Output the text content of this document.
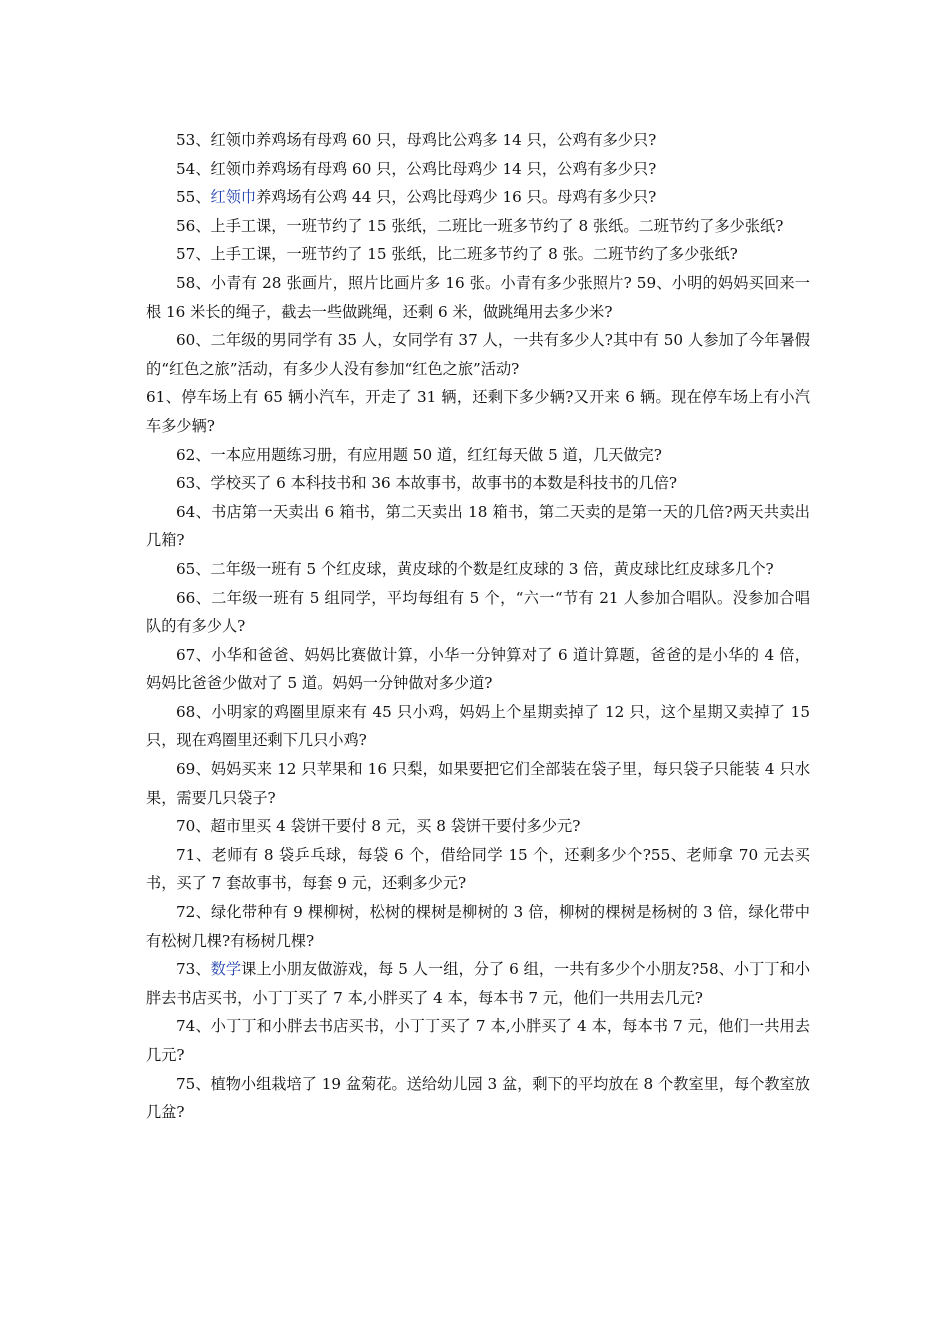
53、红领巾养鸡场有母鸡 60 只，母鸡比公鸡多 14 只，公鸡有多少只?

54、红领巾养鸡场有母鸡 60 只，公鸡比母鸡少 14 只，公鸡有多少只?

55、红领巾养鸡场有公鸡 44 只，公鸡比母鸡少 16 只。母鸡有多少只?

56、上手工课，一班节约了 15 张纸，二班比一班多节约了 8 张纸。二班节约了多少张纸?

57、上手工课，一班节约了 15 张纸，比二班多节约了 8 张。二班节约了多少张纸?

58、小青有 28 张画片，照片比画片多 16 张。小青有多少张照片? 59、小明的妈妈买回来一根 16 米长的绳子，截去一些做跳绳，还剩 6 米，做跳绳用去多少米?

60、二年级的男同学有 35 人，女同学有 37 人，一共有多少人?其中有 50 人参加了今年暑假的“红色之旅”活动，有多少人没有参加“红色之旅”活动?

61、停车场上有 65 辆小汽车，开走了 31 辆，还剩下多少辆?又开来 6 辆。现在停车场上有小汽车多少辆?

62、一本应用题练习册，有应用题 50 道，红红每天做 5 道，几天做完?

63、学校买了 6 本科技书和 36 本故事书，故事书的本数是科技书的几倍?

64、书店第一天卖出 6 箱书，第二天卖出 18 箱书，第二天卖的是第一天的几倍?两天共卖出几箱?

65、二年级一班有 5 个红皮球，黄皮球的个数是红皮球的 3 倍，黄皮球比红皮球多几个?

66、二年级一班有 5 组同学，平均每组有 5 个，“六一“节有 21 人参加合唱队。没参加合唱队的有多少人?

67、小华和爸爸、妈妈比赛做计算，小华一分钟算对了 6 道计算题，爸爸的是小华的 4 倍，妈妈比爸爸少做对了 5 道。妈妈一分钟做对多少道?

68、小明家的鸡圈里原来有 45 只小鸡，妈妈上个星期卖掉了 12 只，这个星期又卖掉了 15 只，现在鸡圈里还剩下几只小鸡?

69、妈妈买来 12 只苹果和 16 只梨，如果要把它们全部装在袋子里，每只袋子只能装 4 只水果，需要几只袋子?

70、超市里买 4 袋饼干要付 8 元，买 8 袋饼干要付多少元?

71、老师有 8 袋乒乓球，每袋 6 个，借给同学 15 个，还剩多少个?55、老师拿 70 元去买书，买了 7 套故事书，每套 9 元，还剩多少元?

72、绿化带种有 9 棵柳树，松树的棵树是柳树的 3 倍，柳树的棵树是杨树的 3 倍，绿化带中有松树几棵?有杨树几棵?

73、数学课上小朋友做游戏，每 5 人一组，分了 6 组，一共有多少个小朋友?58、小丁丁和小胖去书店买书，小丁丁买了 7 本,小胖买了 4 本，每本书 7 元，他们一共用去几元?

74、小丁丁和小胖去书店买书，小丁丁买了 7 本,小胖买了 4 本，每本书 7 元，他们一共用去几元?

75、植物小组栽培了 19 盆菊花。送给幼儿园 3 盆，剩下的平均放在 8 个教室里，每个教室放几盆?
